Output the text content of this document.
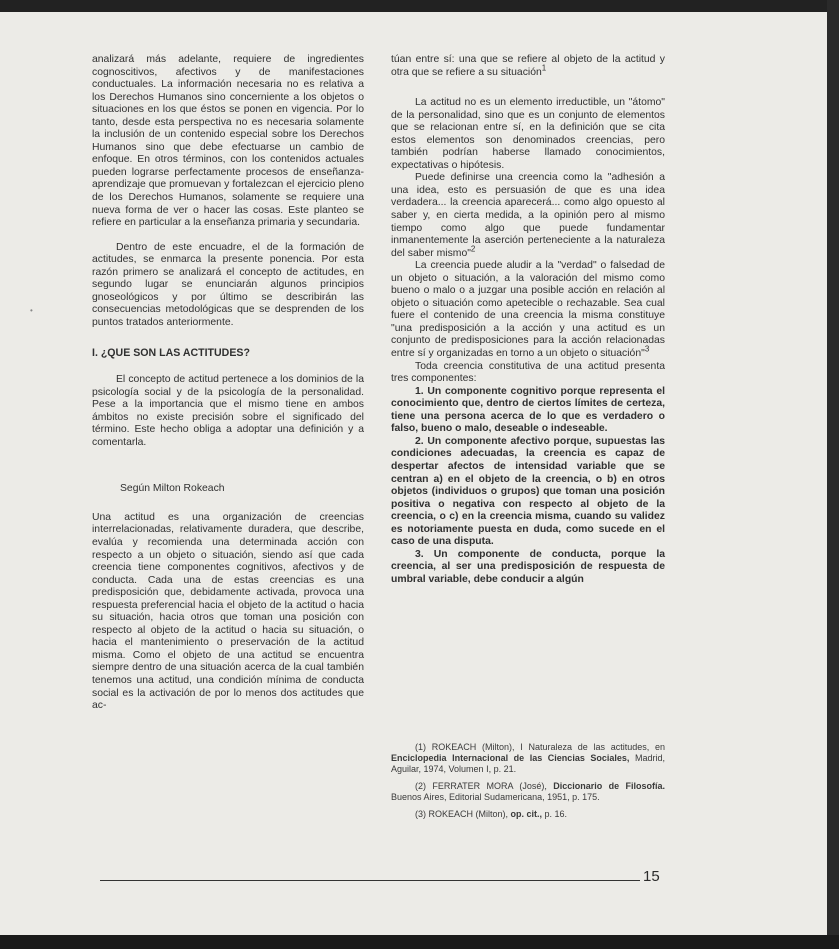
•

analizará más adelante, requiere de ingredientes cognoscitivos, afectivos y de manifestaciones conductuales. La información necesaria no es relativa a los Derechos Humanos sino concerniente a los objetos o situaciones en los que éstos se ponen en vigencia. Por lo tanto, desde esta perspectiva no es necesaria solamente la inclusión de un contenido especial sobre los Derechos Humanos sino que debe efectuarse un cambio de enfoque. En otros términos, con los contenidos actuales pueden lograrse perfectamente procesos de enseñanza-aprendizaje que promuevan y fortalezcan el ejercicio pleno de los Derechos Humanos, solamente se requiere una nueva forma de ver o hacer las cosas. Este planteo se refiere en particular a la enseñanza primaria y secundaria.

Dentro de este encuadre, el de la formación de actitudes, se enmarca la presente ponencia. Por esta razón primero se analizará el concepto de actitudes, en segundo lugar se enunciarán algunos principios gnoseológicos y por último se describirán las consecuencias metodológicas que se desprenden de los puntos tratados anteriormente.

I. ¿QUE SON LAS ACTITUDES?

El concepto de actitud pertenece a los dominios de la psicología social y de la psicología de la personalidad. Pese a la importancia que el mismo tiene en ambos ámbitos no existe precisión sobre el significado del término. Este hecho obliga a adoptar una definición y a comentarla.

Según Milton Rokeach

Una actitud es una organización de creencias interrelacionadas, relativamente duradera, que describe, evalúa y recomienda una determinada acción con respecto a un objeto o situación, siendo así que cada creencia tiene componentes cognitivos, afectivos y de conducta. Cada una de estas creencias es una predisposición que, debidamente activada, provoca una respuesta preferencial hacia el objeto de la actitud o hacia su situación, hacia otros que toman una posición con respecto al objeto de la actitud o hacia su situación, o hacia el mantenimiento o preservación de la actitud misma. Como el objeto de una actitud se encuentra siempre dentro de una situación acerca de la cual también tenemos una actitud, una condición mínima de conducta social es la activación de por lo menos dos actitudes que ac-

túan entre sí: una que se refiere al objeto de la actitud y otra que se refiere a su situación$^1$

La actitud no es un elemento irreductible, un "átomo" de la personalidad, sino que es un conjunto de elementos que se relacionan entre sí, en la definición que se cita estos elementos son denominados creencias, pero también podrían haberse llamado conocimientos, expectativas o hipótesis.

Puede definirse una creencia como la "adhesión a una idea, esto es persuasión de que es una idea verdadera... la creencia aparecerá... como algo opuesto al saber y, en cierta medida, a la opinión pero al mismo tiempo como algo que puede fundamentar inmanentemente la aserción perteneciente a la naturaleza del saber mismo"$^2$

La creencia puede aludir a la "verdad" o falsedad de un objeto o situación, a la valoración del mismo como bueno o malo o a juzgar una posible acción en relación al objeto o situación como apetecible o rechazable. Sea cual fuere el contenido de una creencia la misma constituye "una predisposición a la acción y una actitud es un conjunto de predisposiciones para la acción relacionadas entre sí y organizadas en torno a un objeto o situación"$^3$

Toda creencia constitutiva de una actitud presenta tres componentes:

1. Un componente cognitivo porque representa el conocimiento que, dentro de ciertos límites de certeza, tiene una persona acerca de lo que es verdadero o falso, bueno o malo, deseable o indeseable.

2. Un componente afectivo porque, supuestas las condiciones adecuadas, la creencia es capaz de despertar afectos de intensidad variable que se centran a) en el objeto de la creencia, o b) en otros objetos (individuos o grupos) que toman una posición positiva o negativa con respecto al objeto de la creencia, o c) en la creencia misma, cuando su validez es notoriamente puesta en duda, como sucede en el caso de una disputa.

3. Un componente de conducta, porque la creencia, al ser una predisposición de respuesta de umbral variable, debe conducir a algún

(1) ROKEACH (Milton), I Naturaleza de las actitudes, en Enciclopedia Internacional de las Ciencias Sociales, Madrid, Aguilar, 1974, Volumen I, p. 21.

(2) FERRATER MORA (José), Diccionario de Filosofía. Buenos Aires, Editorial Sudamericana, 1951, p. 175.

(3) ROKEACH (Milton), op. cit., p. 16.

15
